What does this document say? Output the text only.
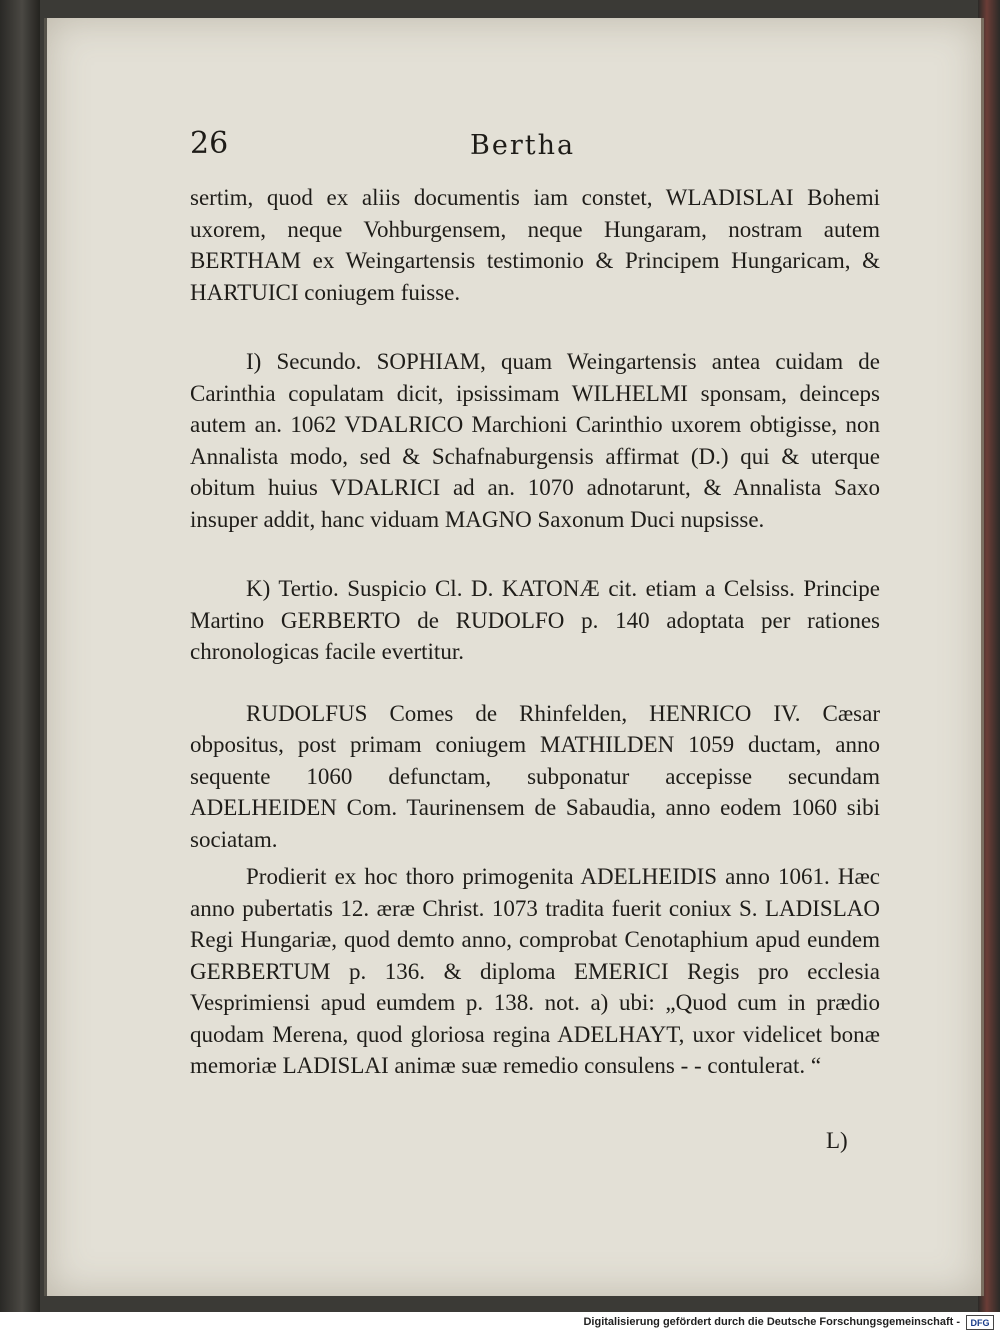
26	Bertha

sertim, quod ex aliis documentis iam constet, WLADISLAI Bohemi uxorem, neque Vohburgensem, neque Hungaram, nostram autem BERTHAM ex Weingartensis testimonio & Principem Hungaricam, & HARTUICI coniugem fuisse.

I) Secundo. SOPHIAM, quam Weingartensis antea cuidam de Carinthia copulatam dicit, ipsissimam WILHELMI sponsam, deinceps autem an. 1062 VDALRICO Marchioni Carinthio uxorem obtigisse, non Annalista modo, sed & Schafnaburgensis affirmat (D.) qui & uterque obitum huius VDALRICI ad an. 1070 adnotarunt, & Annalista Saxo insuper addit, hanc viduam MAGNO Saxonum Duci nupsisse.

K) Tertio. Suspicio Cl. D. KATONÆ cit. etiam a Celsiss. Principe Martino GERBERTO de RUDOLFO p. 140 adoptata per rationes chronologicas facile evertitur.

RUDOLFUS Comes de Rhinfelden, HENRICO IV. Cæsar obpositus, post primam coniugem MATHILDEN 1059 ductam, anno sequente 1060 defunctam, subponatur accepisse secundam ADELHEIDEN Com. Taurinensem de Sabaudia, anno eodem 1060 sibi sociatam.

Prodierit ex hoc thoro primogenita ADELHEIDIS anno 1061. Hæc anno pubertatis 12. æræ Christ. 1073 tradita fuerit coniux S. LADISLAO Regi Hungariæ, quod demto anno, comprobat Cenotaphium apud eundem GERBERTUM p. 136. & diploma EMERICI Regis pro ecclesia Vesprimiensi apud eumdem p. 138. not. a) ubi: „Quod cum in prædio quodam Merena, quod gloriosa regina ADELHAYT, uxor videlicet bonæ memoriæ LADISLAI animæ suæ remedio consulens - - contulerat. “

L)
Digitalisierung gefördert durch die Deutsche Forschungsgemeinschaft -	DFG
